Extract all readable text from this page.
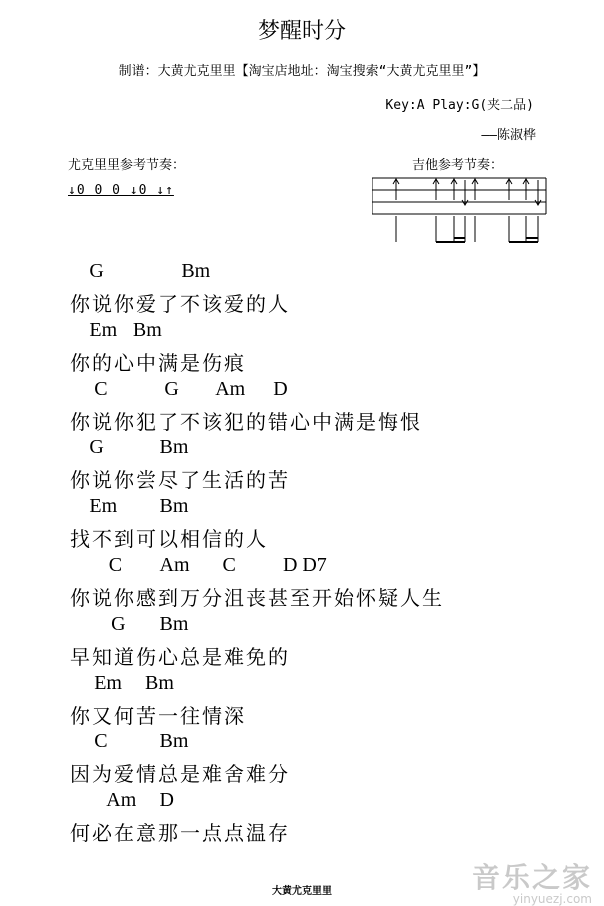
梦醒时分
制谱：大黄尤克里里【淘宝店地址：淘宝搜索“大黄尤克里里”】
Key:A Play:G(夹二品)
——陈淑桦
尤克里里参考节奏：	吉他参考节奏：
↓0 0 0 ↓0 ↓↑
G	Bm
你说你爱了不该爱的人
Em Bm
你的心中满是伤痕
C	G Am D
你说你犯了不该犯的错心中满是悔恨
G	Bm
你说你尝尽了生活的苦
Em Bm
找不到可以相信的人
C Am C D D7
你说你感到万分沮丧甚至开始怀疑人生
G Bm
早知道伤心总是难免的
Em Bm
你又何苦一往情深
C	Bm
因为爱情总是难舍难分
Am D
何必在意那一点点温存
大黄尤克里里	音乐之家
yinyuezj.com
